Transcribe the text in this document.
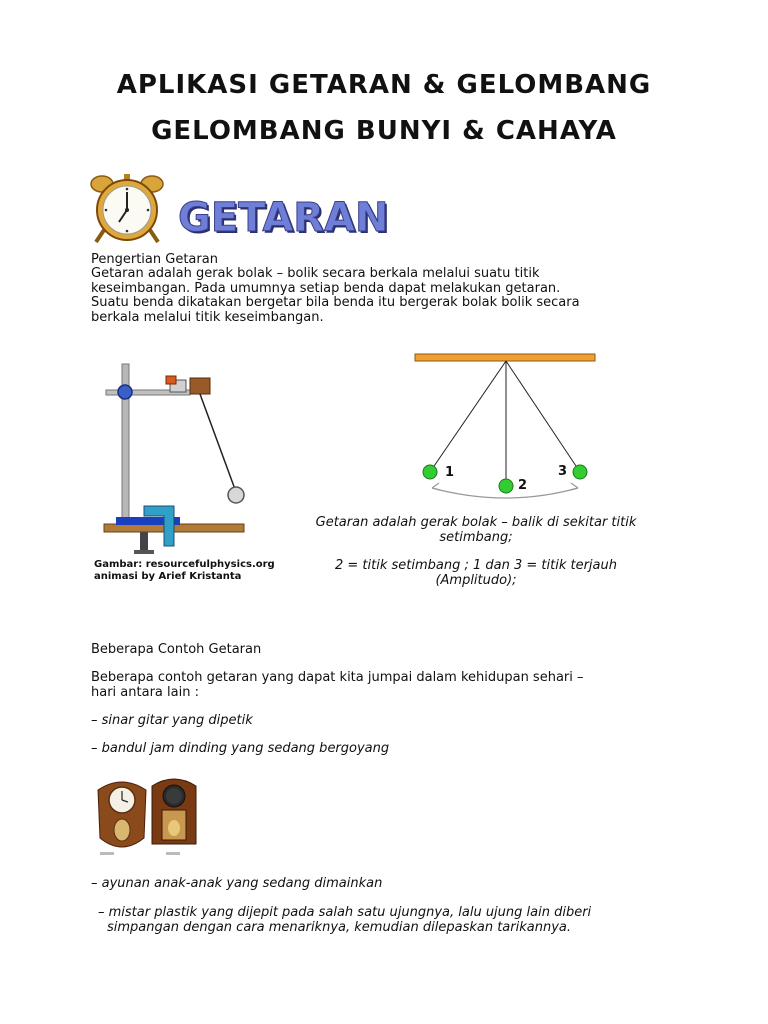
APLIKASI GETARAN & GELOMBANG
GELOMBANG BUNYI & CAHAYA
GETARAN
Pengertian Getaran
Getaran adalah gerak bolak – bolik secara berkala melalui suatu titik
keseimbangan. Pada umumnya setiap benda dapat melakukan getaran.
Suatu benda dikatakan bergetar bila benda itu bergerak bolak bolik secara
berkala melalui titik keseimbangan.
Gambar: resourcefulphysics.org
animasi by Arief Kristanta
1
2
3
Getaran adalah gerak bolak – balik di sekitar titik
setimbang;
2 = titik setimbang ; 1 dan 3 = titik terjauh
(Amplitudo);
Beberapa Contoh Getaran
Beberapa contoh getaran yang dapat kita jumpai dalam kehidupan sehari –
hari antara lain :
– sinar gitar yang dipetik
– bandul jam dinding yang sedang bergoyang
– ayunan anak-anak yang sedang dimainkan
– mistar plastik yang dijepit pada salah satu ujungnya, lalu ujung lain diberi
simpangan dengan cara menariknya, kemudian dilepaskan tarikannya.
